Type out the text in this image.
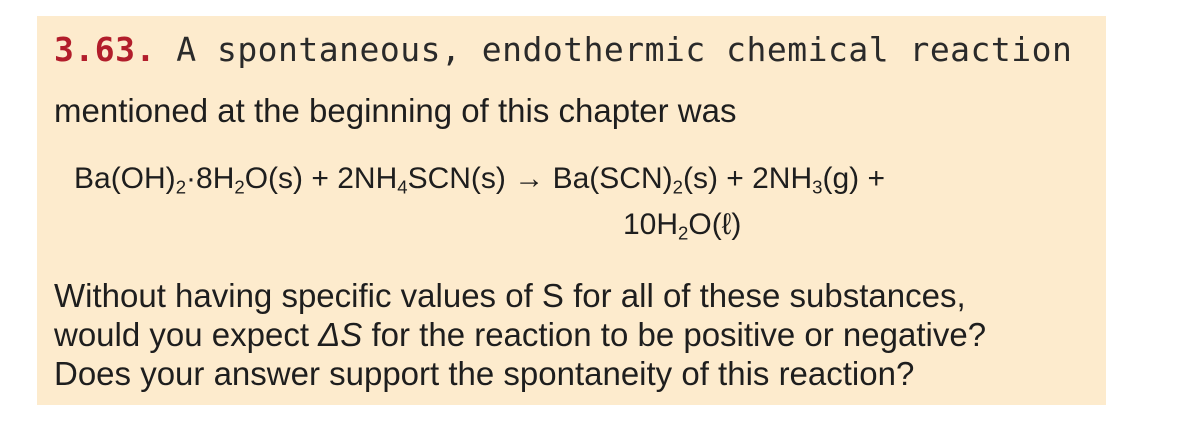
3.63. A spontaneous, endothermic chemical reaction
mentioned at the beginning of this chapter was
$Ba(OH)_2\cdot 8H_2O(s) + 2NH_4SCN(s) \to Ba(SCN)_2(s) + 2NH_3(g)$ +
$10H_2O(\ell)$
Without having specific values of S for all of these substances,
would you expect ΔS for the reaction to be positive or negative?
Does your answer support the spontaneity of this reaction?
